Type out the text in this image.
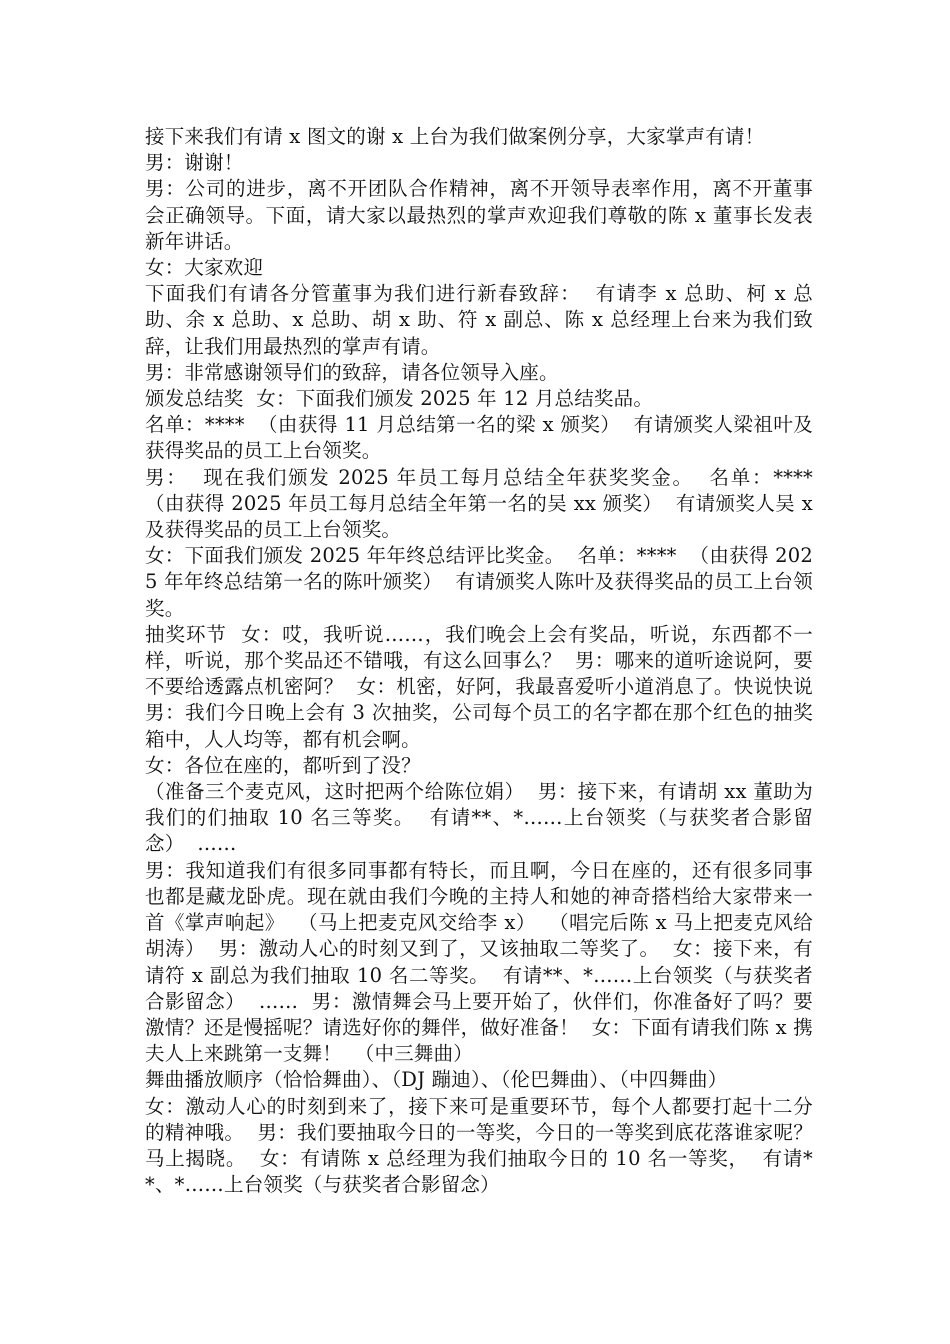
接下来我们有请 x 图文的谢 x 上台为我们做案例分享，大家掌声有请！

男：谢谢！

男：公司的进步，离不开团队合作精神，离不开领导表率作用，离不开董事会正确领导。下面，请大家以最热烈的掌声欢迎我们尊敬的陈 x 董事长发表新年讲话。

女：大家欢迎

下面我们有请各分管董事为我们进行新春致辞：  有请李 x 总助、柯 x 总助、余 x 总助、x 总助、胡 x 助、符 x 副总、陈 x 总经理上台来为我们致辞，让我们用最热烈的掌声有请。

男：非常感谢领导们的致辞，请各位领导入座。

颁发总结奖  女：下面我们颁发 2025 年 12 月总结奖品。

名单：****  （由获得 11 月总结第一名的梁 x 颁奖）  有请颁奖人梁祖叶及获得奖品的员工上台领奖。

男：  现在我们颁发 2025 年员工每月总结全年获奖奖金。  名单：****  （由获得 2025 年员工每月总结全年第一名的吴 xx 颁奖）  有请颁奖人吴 x 及获得奖品的员工上台领奖。

女：下面我们颁发 2025 年年终总结评比奖金。  名单：****  （由获得 2025 年年终总结第一名的陈叶颁奖）  有请颁奖人陈叶及获得奖品的员工上台领奖。

抽奖环节  女：哎，我听说……，我们晚会上会有奖品，听说，东西都不一样，听说，那个奖品还不错哦，有这么回事么？  男：哪来的道听途说阿，要不要给透露点机密阿？  女：机密，好阿，我最喜爱听小道消息了。快说快说  男：我们今日晚上会有 3 次抽奖，公司每个员工的名字都在那个红色的抽奖箱中，人人均等，都有机会啊。

女：各位在座的，都听到了没？

（准备三个麦克风，这时把两个给陈位娟）  男：接下来，有请胡 xx 董助为我们的们抽取 10 名三等奖。  有请**、*……上台领奖（与获奖者合影留念）  ……

男：我知道我们有很多同事都有特长，而且啊，今日在座的，还有很多同事也都是藏龙卧虎。现在就由我们今晚的主持人和她的神奇搭档给大家带来一首《掌声响起》  （马上把麦克风交给李 x）  （唱完后陈 x 马上把麦克风给胡涛）  男：激动人心的时刻又到了，又该抽取二等奖了。  女：接下来，有请符 x 副总为我们抽取 10 名二等奖。  有请**、*……上台领奖（与获奖者合影留念）  ……  男：激情舞会马上要开始了，伙伴们，你准备好了吗？要激情？还是慢摇呢？请选好你的舞伴，做好准备！  女：下面有请我们陈 x 携夫人上来跳第一支舞！  （中三舞曲）

舞曲播放顺序（恰恰舞曲）、（DJ 蹦迪）、（伦巴舞曲）、（中四舞曲）

女：激动人心的时刻到来了，接下来可是重要环节，每个人都要打起十二分的精神哦。  男：我们要抽取今日的一等奖，今日的一等奖到底花落谁家呢？马上揭晓。  女：有请陈 x 总经理为我们抽取今日的 10 名一等奖，  有请**、*……上台领奖（与获奖者合影留念）
